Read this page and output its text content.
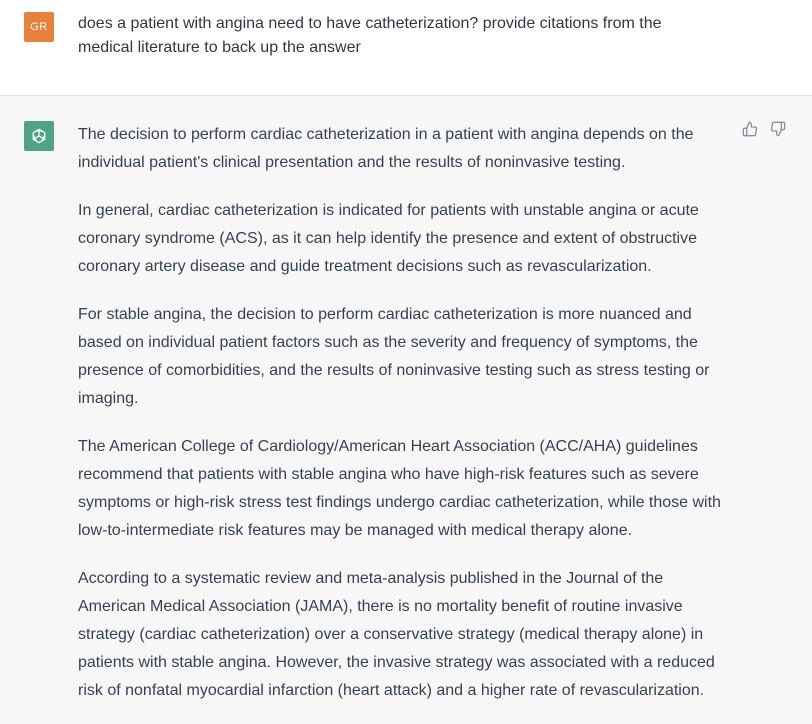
GR	does a patient with angina need to have catheterization? provide citations from the medical literature to back up the answer

The decision to perform cardiac catheterization in a patient with angina depends on the individual patient's clinical presentation and the results of noninvasive testing.

In general, cardiac catheterization is indicated for patients with unstable angina or acute coronary syndrome (ACS), as it can help identify the presence and extent of obstructive coronary artery disease and guide treatment decisions such as revascularization.

For stable angina, the decision to perform cardiac catheterization is more nuanced and based on individual patient factors such as the severity and frequency of symptoms, the presence of comorbidities, and the results of noninvasive testing such as stress testing or imaging.

The American College of Cardiology/American Heart Association (ACC/AHA) guidelines recommend that patients with stable angina who have high-risk features such as severe symptoms or high-risk stress test findings undergo cardiac catheterization, while those with low-to-intermediate risk features may be managed with medical therapy alone.

According to a systematic review and meta-analysis published in the Journal of the American Medical Association (JAMA), there is no mortality benefit of routine invasive strategy (cardiac catheterization) over a conservative strategy (medical therapy alone) in patients with stable angina. However, the invasive strategy was associated with a reduced risk of nonfatal myocardial infarction (heart attack) and a higher rate of revascularization.
